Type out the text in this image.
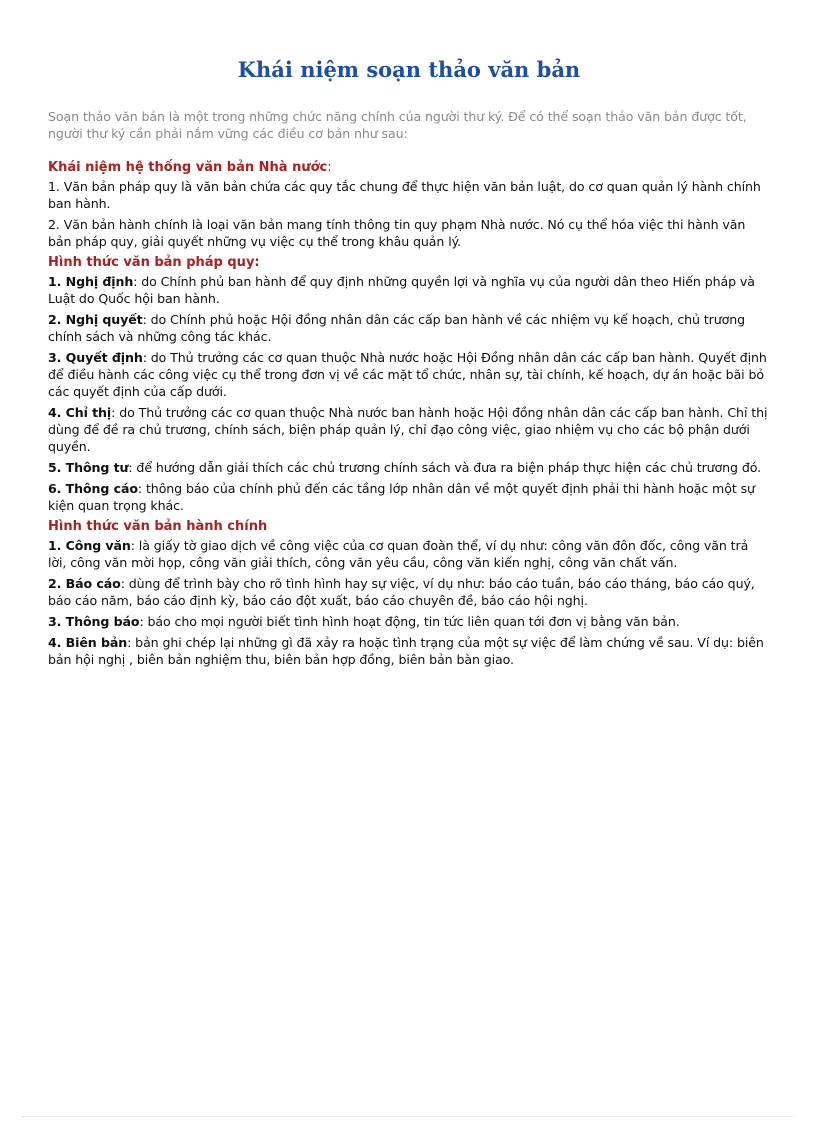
Khái niệm soạn thảo văn bản

Soạn thảo văn bản là một trong những chức năng chính của người thư ký. Để có thể soạn thảo văn bản được tốt, người thư ký cần phải nắm vững các điều cơ bản như sau:

Khái niệm hệ thống văn bản Nhà nước:

1. Văn bản pháp quy là văn bản chứa các quy tắc chung để thực hiện văn bản luật, do cơ quan quản lý hành chính ban hành.

2. Văn bản hành chính là loại văn bản mang tính thông tin quy phạm Nhà nước. Nó cụ thể hóa việc thi hành văn bản pháp quy, giải quyết những vụ việc cụ thể trong khâu quản lý.

Hình thức văn bản pháp quy:

1. Nghị định: do Chính phủ ban hành để quy định những quyền lợi và nghĩa vụ của người dân theo Hiến pháp và Luật do Quốc hội ban hành.

2. Nghị quyết: do Chính phủ hoặc Hội đồng nhân dân các cấp ban hành về các nhiệm vụ kế hoạch, chủ trương chính sách và những công tác khác.

3. Quyết định: do Thủ trưởng các cơ quan thuộc Nhà nước hoặc Hội Đồng nhân dân các cấp ban hành. Quyết định để điều hành các công việc cụ thể trong đơn vị về các mặt tổ chức, nhân sự, tài chính, kế hoạch, dự án hoặc bãi bỏ các quyết định của cấp dưới.

4. Chỉ thị: do Thủ trưởng các cơ quan thuộc Nhà nước ban hành hoặc Hội đồng nhân dân các cấp ban hành. Chỉ thị dùng để đề ra chủ trương, chính sách, biện pháp quản lý, chỉ đạo công việc, giao nhiệm vụ cho các bộ phận dưới quyền.

5. Thông tư: để hướng dẫn giải thích các chủ trương chính sách và đưa ra biện pháp thực hiện các chủ trương đó.

6. Thông cáo: thông báo của chính phủ đến các tầng lớp nhân dân về một quyết định phải thi hành hoặc một sự kiện quan trọng khác.

Hình thức văn bản hành chính

1. Công văn: là giấy tờ giao dịch về công việc của cơ quan đoàn thể, ví dụ như: công văn đôn đốc, công văn trả lời, công văn mời họp, công văn giải thích, công văn yêu cầu, công văn kiến nghị, công văn chất vấn.

2. Báo cáo: dùng để trình bày cho rõ tình hình hay sự việc, ví dụ như: báo cáo tuần, báo cáo tháng, báo cáo quý, báo cáo năm, báo cáo định kỳ, báo cáo đột xuất, báo cáo chuyên đề, báo cáo hội nghị.

3. Thông báo: báo cho mọi người biết tình hình hoạt động, tin tức liên quan tới đơn vị bằng văn bản.

4. Biên bản: bản ghi chép lại những gì đã xảy ra hoặc tình trạng của một sự việc để làm chứng về sau. Ví dụ: biên bản hội nghị , biên bản nghiệm thu, biên bản hợp đồng, biên bản bàn giao.
